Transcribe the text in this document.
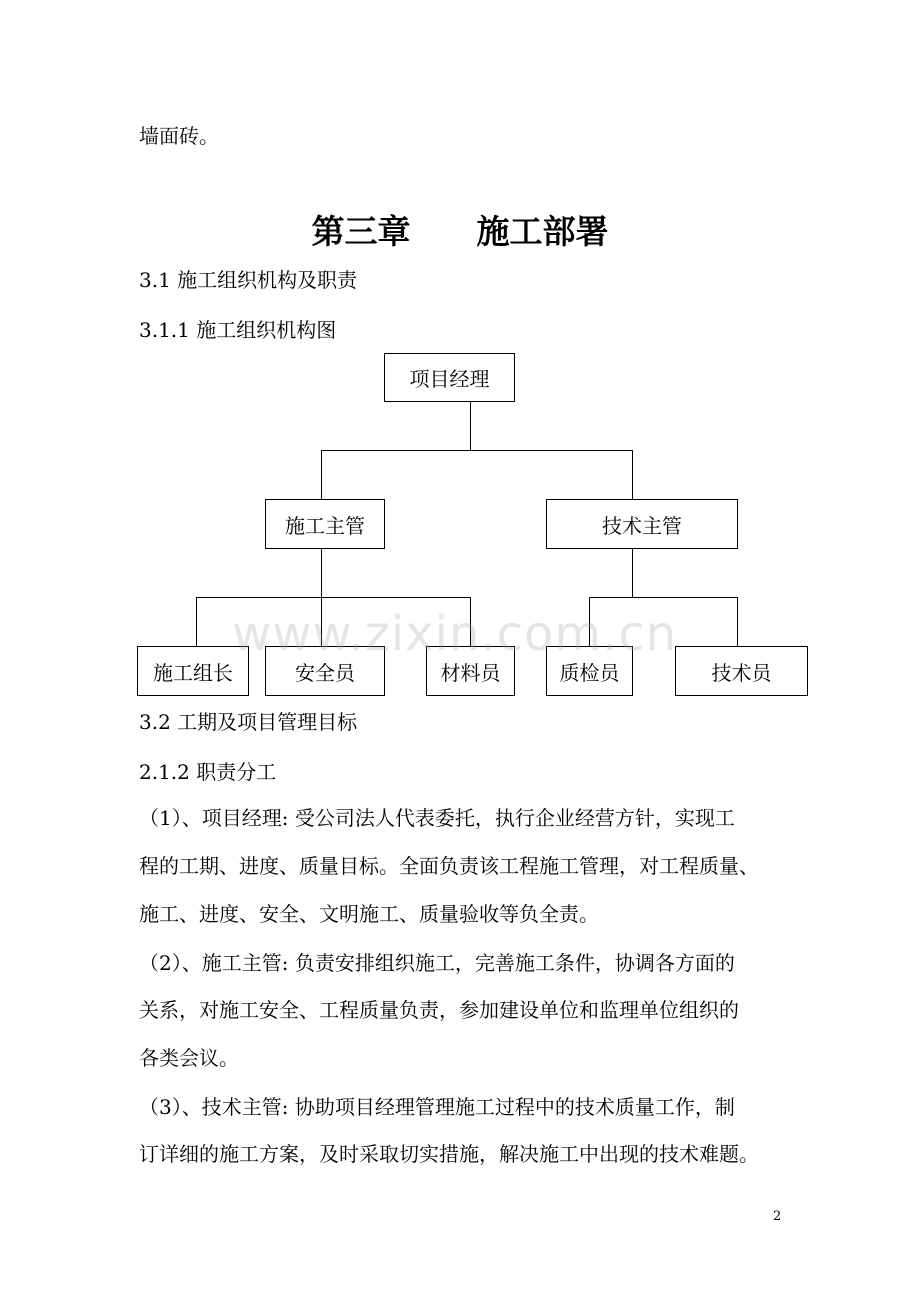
墙面砖。
第三章　　施工部署
3.1 施工组织机构及职责
3.1.1 施工组织机构图
项目经理
施工主管	技术主管
施工组长	安全员	材料员	质检员	技术员
www.zixin.com.cn
3.2 工期及项目管理目标
2.1.2 职责分工
（1）、项目经理: 受公司法人代表委托，执行企业经营方针，实现工
程的工期、进度、质量目标。全面负责该工程施工管理，对工程质量、
施工、进度、安全、文明施工、质量验收等负全责。
（2）、施工主管: 负责安排组织施工，完善施工条件，协调各方面的
关系，对施工安全、工程质量负责，参加建设单位和监理单位组织的
各类会议。
（3）、技术主管: 协助项目经理管理施工过程中的技术质量工作，制
订详细的施工方案，及时采取切实措施，解决施工中出现的技术难题。
2
